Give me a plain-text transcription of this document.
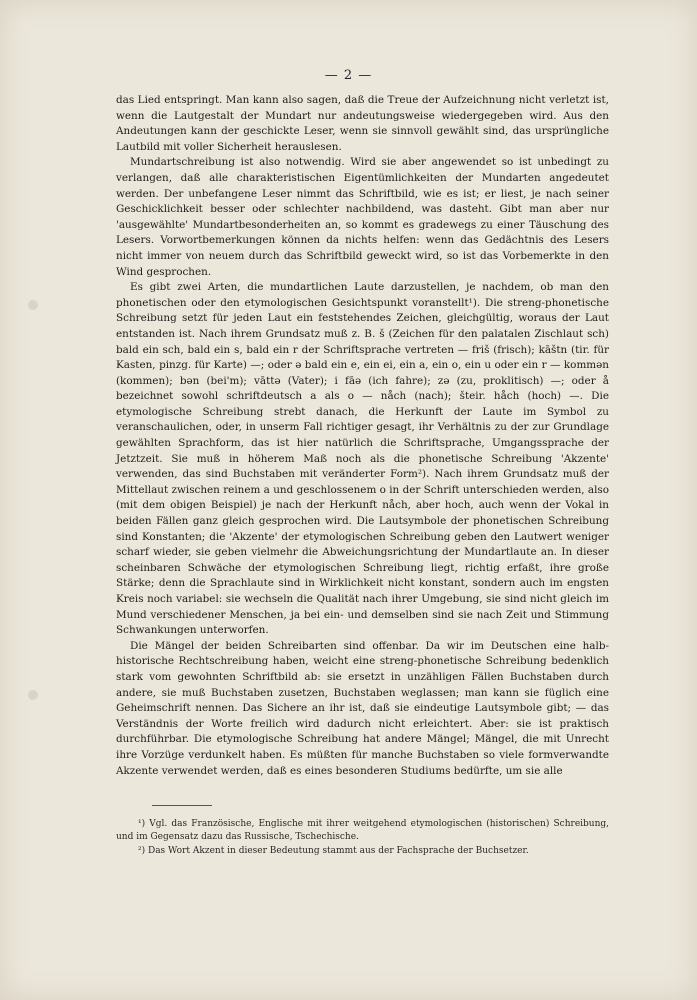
— 2 —

das Lied entspringt. Man kann also sagen, daß die Treue der Aufzeichnung nicht verletzt ist, wenn die Lautgestalt der Mundart nur andeutungsweise wiedergegeben wird. Aus den Andeutungen kann der geschickte Leser, wenn sie sinnvoll gewählt sind, das ursprüngliche Lautbild mit voller Sicherheit herauslesen.

Mundartschreibung ist also notwendig. Wird sie aber angewendet so ist unbedingt zu verlangen, daß alle charakteristischen Eigentümlichkeiten der Mundarten angedeutet werden. Der unbefangene Leser nimmt das Schriftbild, wie es ist; er liest, je nach seiner Geschicklichkeit besser oder schlechter nachbildend, was dasteht. Gibt man aber nur 'ausgewählte' Mundartbesonderheiten an, so kommt es gradewegs zu einer Täuschung des Lesers. Vorwortbemerkungen können da nichts helfen: wenn das Gedächtnis des Lesers nicht immer von neuem durch das Schriftbild geweckt wird, so ist das Vorbemerkte in den Wind gesprochen.

Es gibt zwei Arten, die mundartlichen Laute darzustellen, je nachdem, ob man den phonetischen oder den etymologischen Gesichtspunkt voranstellt¹). Die streng-phonetische Schreibung setzt für jeden Laut ein feststehendes Zeichen, gleichgültig, woraus der Laut entstanden ist. Nach ihrem Grundsatz muß z. B. š (Zeichen für den palatalen Zischlaut sch) bald ein sch, bald ein s, bald ein r der Schriftsprache vertreten — friš (frisch); kāštn (tir. für Kasten, pinzg. für Karte) —; oder ə bald ein e, ein ei, ein a, ein o, ein u oder ein r — kommən (kommen); bən (bei'm); vāttə (Vater); i fāə (ich fahre); zə (zu, proklitisch) —; oder å bezeichnet sowohl schriftdeutsch a als o — nåch (nach); šteir. håch (hoch) —. Die etymologische Schreibung strebt danach, die Herkunft der Laute im Symbol zu veranschaulichen, oder, in unserm Fall richtiger gesagt, ihr Verhältnis zu der zur Grundlage gewählten Sprachform, das ist hier natürlich die Schriftsprache, Umgangssprache der Jetztzeit. Sie muß in höherem Maß noch als die phonetische Schreibung 'Akzente' verwenden, das sind Buchstaben mit veränderter Form²). Nach ihrem Grundsatz muß der Mittellaut zwischen reinem a und geschlossenem o in der Schrift unterschieden werden, also (mit dem obigen Beispiel) je nach der Herkunft nåch, aber hoch, auch wenn der Vokal in beiden Fällen ganz gleich gesprochen wird. Die Lautsymbole der phonetischen Schreibung sind Konstanten; die 'Akzente' der etymologischen Schreibung geben den Lautwert weniger scharf wieder, sie geben vielmehr die Abweichungsrichtung der Mundartlaute an. In dieser scheinbaren Schwäche der etymologischen Schreibung liegt, richtig erfaßt, ihre große Stärke; denn die Sprachlaute sind in Wirklichkeit nicht konstant, sondern auch im engsten Kreis noch variabel: sie wechseln die Qualität nach ihrer Umgebung, sie sind nicht gleich im Mund verschiedener Menschen, ja bei ein- und demselben sind sie nach Zeit und Stimmung Schwankungen unterworfen.

Die Mängel der beiden Schreibarten sind offenbar. Da wir im Deutschen eine halb-historische Rechtschreibung haben, weicht eine streng-phonetische Schreibung bedenklich stark vom gewohnten Schriftbild ab: sie ersetzt in unzähligen Fällen Buchstaben durch andere, sie muß Buchstaben zusetzen, Buchstaben weglassen; man kann sie füglich eine Geheimschrift nennen. Das Sichere an ihr ist, daß sie eindeutige Lautsymbole gibt; — das Verständnis der Worte freilich wird dadurch nicht erleichtert. Aber: sie ist praktisch durchführbar. Die etymologische Schreibung hat andere Mängel; Mängel, die mit Unrecht ihre Vorzüge verdunkelt haben. Es müßten für manche Buchstaben so viele formverwandte Akzente verwendet werden, daß es eines besonderen Studiums bedürfte, um sie alle

¹) Vgl. das Französische, Englische mit ihrer weitgehend etymologischen (historischen) Schreibung, und im Gegensatz dazu das Russische, Tschechische.

²) Das Wort Akzent in dieser Bedeutung stammt aus der Fachsprache der Buchsetzer.
